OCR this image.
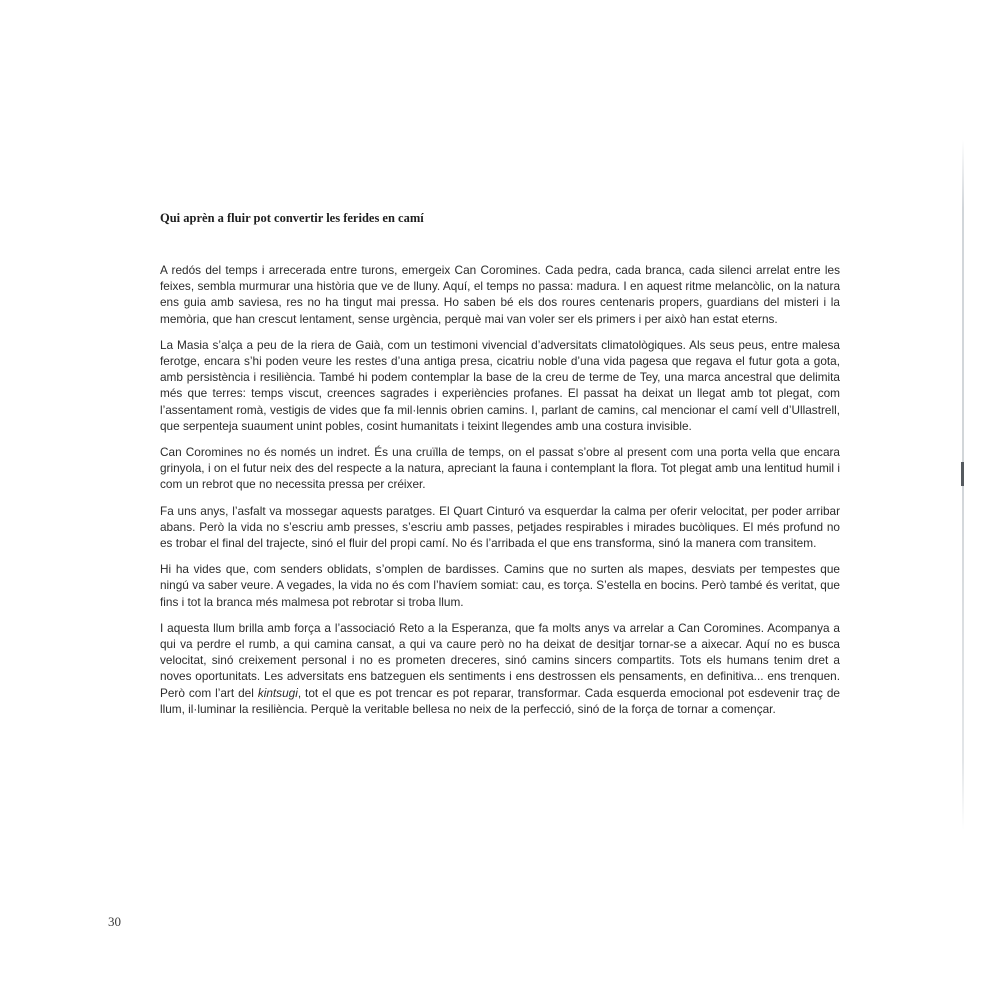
Qui aprèn a fluir pot convertir les ferides en camí

A redós del temps i arrecerada entre turons, emergeix Can Coromines. Cada pedra, cada branca, cada silenci arrelat entre les feixes, sembla murmurar una història que ve de lluny. Aquí, el temps no passa: madura. I en aquest ritme melancòlic, on la natura ens guia amb saviesa, res no ha tingut mai pressa. Ho saben bé els dos roures centenaris propers, guardians del misteri i la memòria, que han crescut lentament, sense urgència, perquè mai van voler ser els primers i per això han estat eterns.

La Masia s’alça a peu de la riera de Gaià, com un testimoni vivencial d’adversitats climatològiques. Als seus peus, entre malesa ferotge, encara s’hi poden veure les restes d’una antiga presa, cicatriu noble d’una vida pagesa que regava el futur gota a gota, amb persistència i resiliència. També hi podem contemplar la base de la creu de terme de Tey, una marca ancestral que delimita més que terres: temps viscut, creences sagrades i experiències profanes. El passat ha deixat un llegat amb tot plegat, com l’assentament romà, vestigis de vides que fa mil·lennis obrien camins. I, parlant de camins, cal mencionar el camí vell d’Ullastrell, que serpenteja suaument unint pobles, cosint humanitats i teixint llegendes amb una costura invisible.

Can Coromines no és només un indret. És una cruïlla de temps, on el passat s’obre al present com una porta vella que encara grinyola, i on el futur neix des del respecte a la natura, apreciant la fauna i contemplant la flora. Tot plegat amb una lentitud humil i com un rebrot que no necessita pressa per créixer.

Fa uns anys, l’asfalt va mossegar aquests paratges. El Quart Cinturó va esquerdar la calma per oferir velocitat, per poder arribar abans. Però la vida no s’escriu amb presses, s’escriu amb passes, petjades respirables i mirades bucòliques. El més profund no es trobar el final del trajecte, sinó el fluir del propi camí. No és l’arribada el que ens transforma, sinó la manera com transitem.

Hi ha vides que, com senders oblidats, s’omplen de bardisses. Camins que no surten als mapes, desviats per tempestes que ningú va saber veure. A vegades, la vida no és com l’havíem somiat: cau, es torça. S’estella en bocins. Però també és veritat, que fins i tot la branca més malmesa pot rebrotar si troba llum.

I aquesta llum brilla amb força a l’associació Reto a la Esperanza, que fa molts anys va arrelar a Can Coromines. Acompanya a qui va perdre el rumb, a qui camina cansat, a qui va caure però no ha deixat de desitjar tornar-se a aixecar. Aquí no es busca velocitat, sinó creixement personal i no es prometen dreceres, sinó camins sincers compartits. Tots els humans tenim dret a noves oportunitats. Les adversitats ens batzeguen els sentiments i ens destrossen els pensaments, en definitiva... ens trenquen. Però com l’art del kintsugi, tot el que es pot trencar es pot reparar, transformar. Cada esquerda emocional pot esdevenir traç de llum, il·luminar la resiliència. Perquè la veritable bellesa no neix de la perfecció, sinó de la força de tornar a començar.

30
